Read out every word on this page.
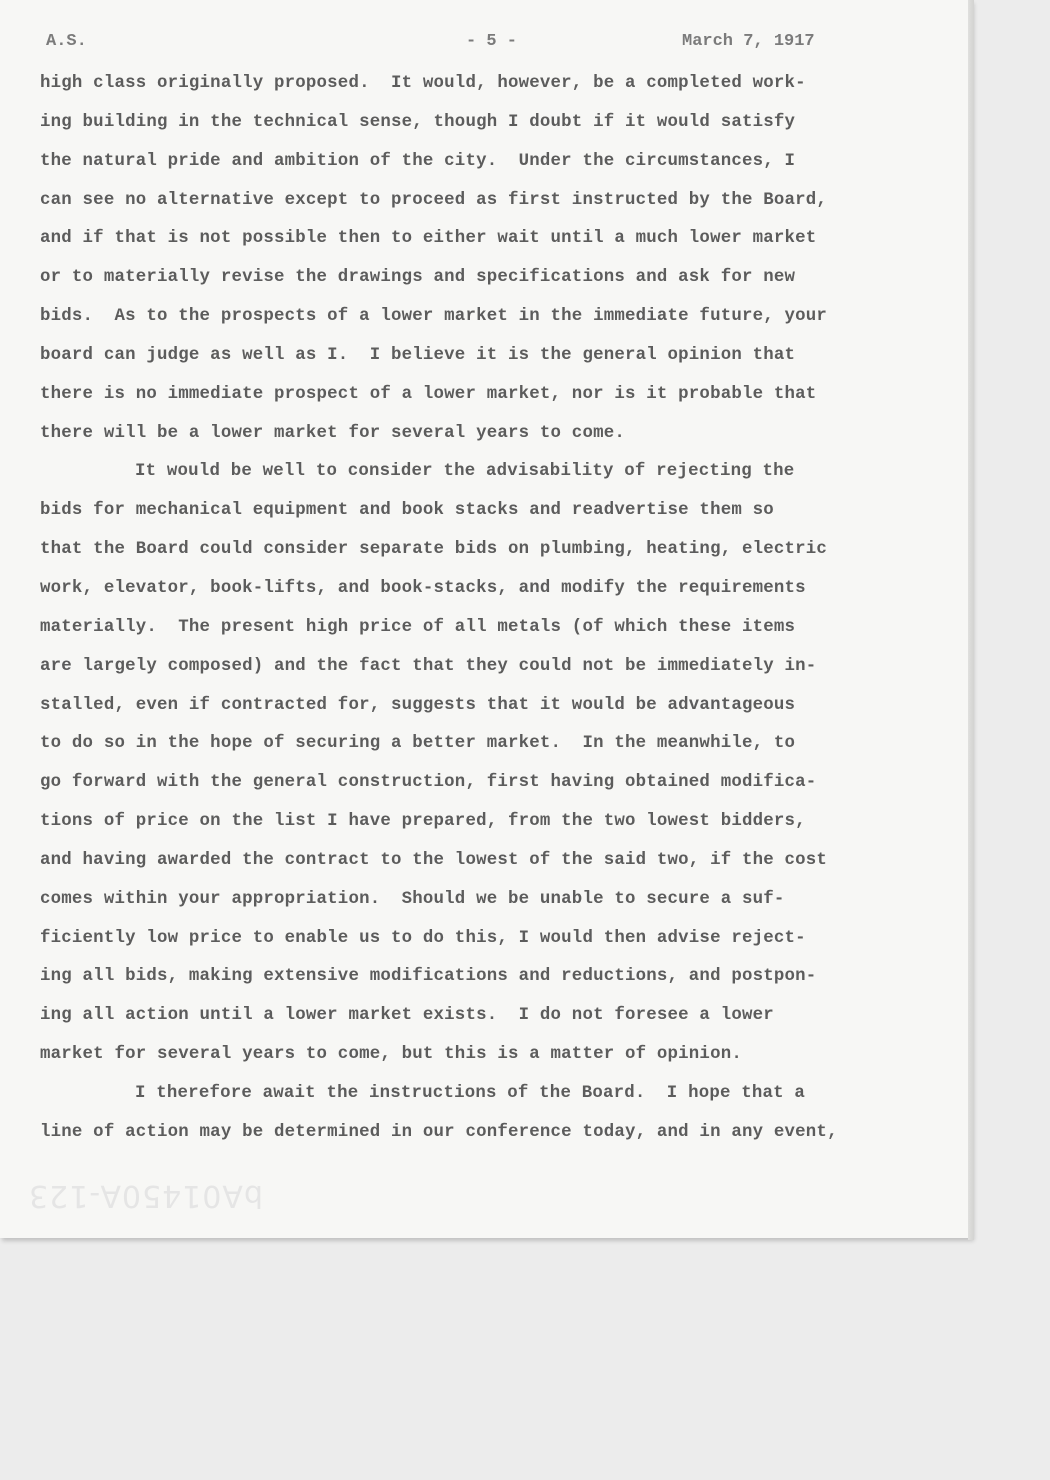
A.S.	- 5 -	March 7, 1917
high class originally proposed.  It would, however, be a completed work-
ing building in the technical sense, though I doubt if it would satisfy
the natural pride and ambition of the city.  Under the circumstances, I
can see no alternative except to proceed as first instructed by the Board,
and if that is not possible then to either wait until a much lower market
or to materially revise the drawings and specifications and ask for new
bids.  As to the prospects of a lower market in the immediate future, your
board can judge as well as I.  I believe it is the general opinion that
there is no immediate prospect of a lower market, nor is it probable that
there will be a lower market for several years to come.
It would be well to consider the advisability of rejecting the
bids for mechanical equipment and book stacks and readvertise them so
that the Board could consider separate bids on plumbing, heating, electric
work, elevator, book-lifts, and book-stacks, and modify the requirements
materially.  The present high price of all metals (of which these items
are largely composed) and the fact that they could not be immediately in-
stalled, even if contracted for, suggests that it would be advantageous
to do so in the hope of securing a better market.  In the meanwhile, to
go forward with the general construction, first having obtained modifica-
tions of price on the list I have prepared, from the two lowest bidders,
and having awarded the contract to the lowest of the said two, if the cost
comes within your appropriation.  Should we be unable to secure a suf-
ficiently low price to enable us to do this, I would then advise reject-
ing all bids, making extensive modifications and reductions, and postpon-
ing all action until a lower market exists.  I do not foresee a lower
market for several years to come, but this is a matter of opinion.
I therefore await the instructions of the Board.  I hope that a
line of action may be determined in our conference today, and in any event,
bA01450A-123
